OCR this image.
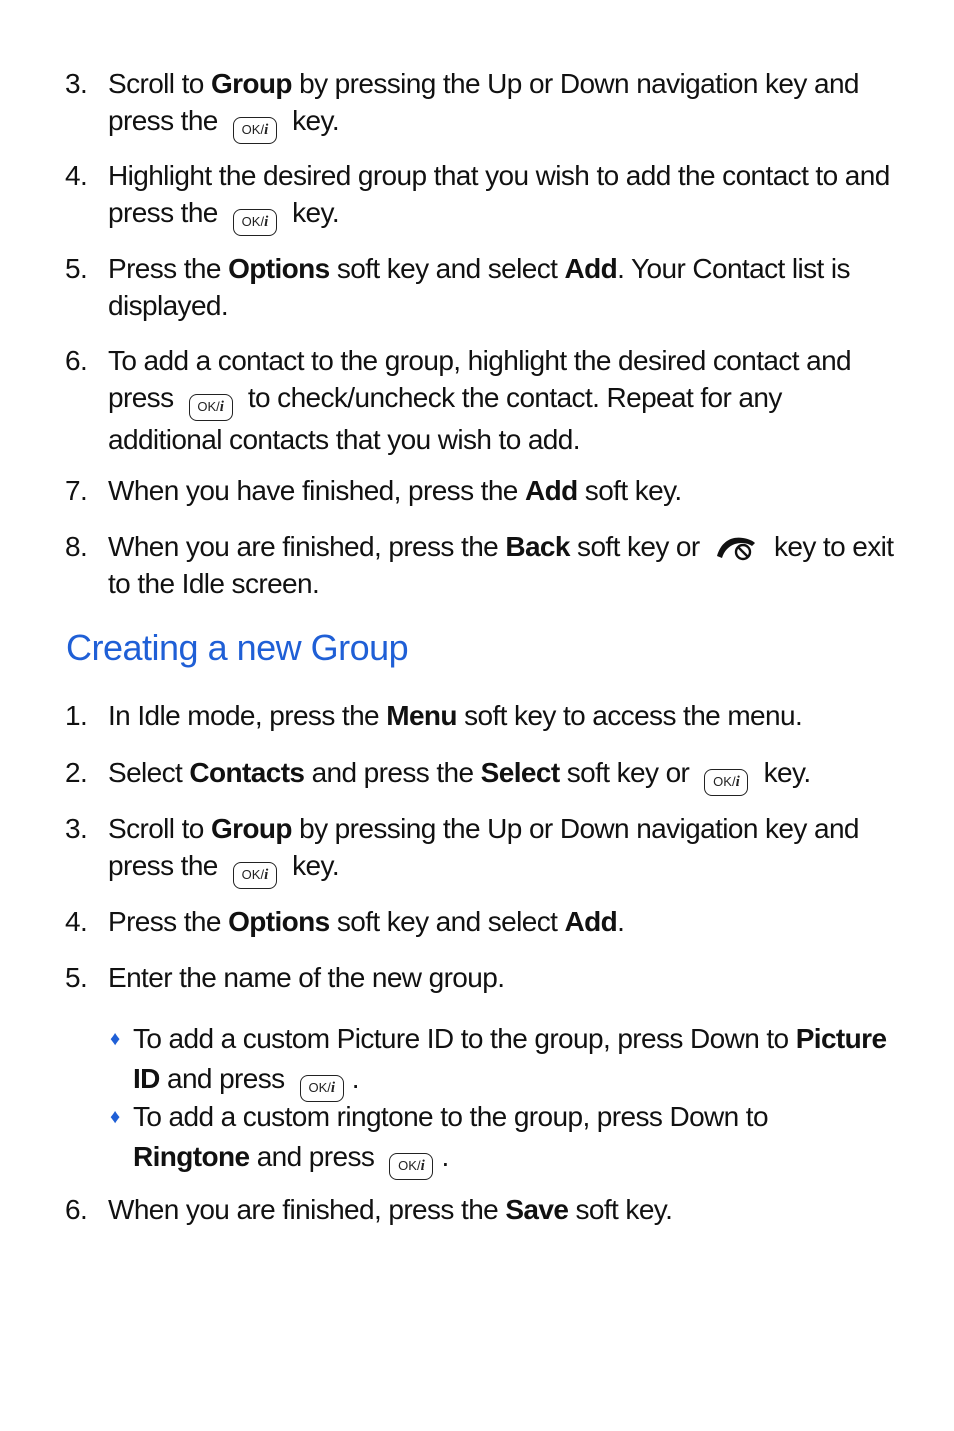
3. Scroll to Group by pressing the Up or Down navigation key and press the OK/i key.
4. Highlight the desired group that you wish to add the contact to and press the OK/i key.
5. Press the Options soft key and select Add. Your Contact list is displayed.
6. To add a contact to the group, highlight the desired contact and press OK/i to check/uncheck the contact. Repeat for any additional contacts that you wish to add.
7. When you have finished, press the Add soft key.
8. When you are finished, press the Back soft key or  key to exit to the Idle screen.
Creating a new Group
1. In Idle mode, press the Menu soft key to access the menu.
2. Select Contacts and press the Select soft key or OK/i key.
3. Scroll to Group by pressing the Up or Down navigation key and press the OK/i key.
4. Press the Options soft key and select Add.
5. Enter the name of the new group.
♦ To add a custom Picture ID to the group, press Down to Picture ID and press OK/i .
♦ To add a custom ringtone to the group, press Down to Ringtone and press OK/i .
6. When you are finished, press the Save soft key.
